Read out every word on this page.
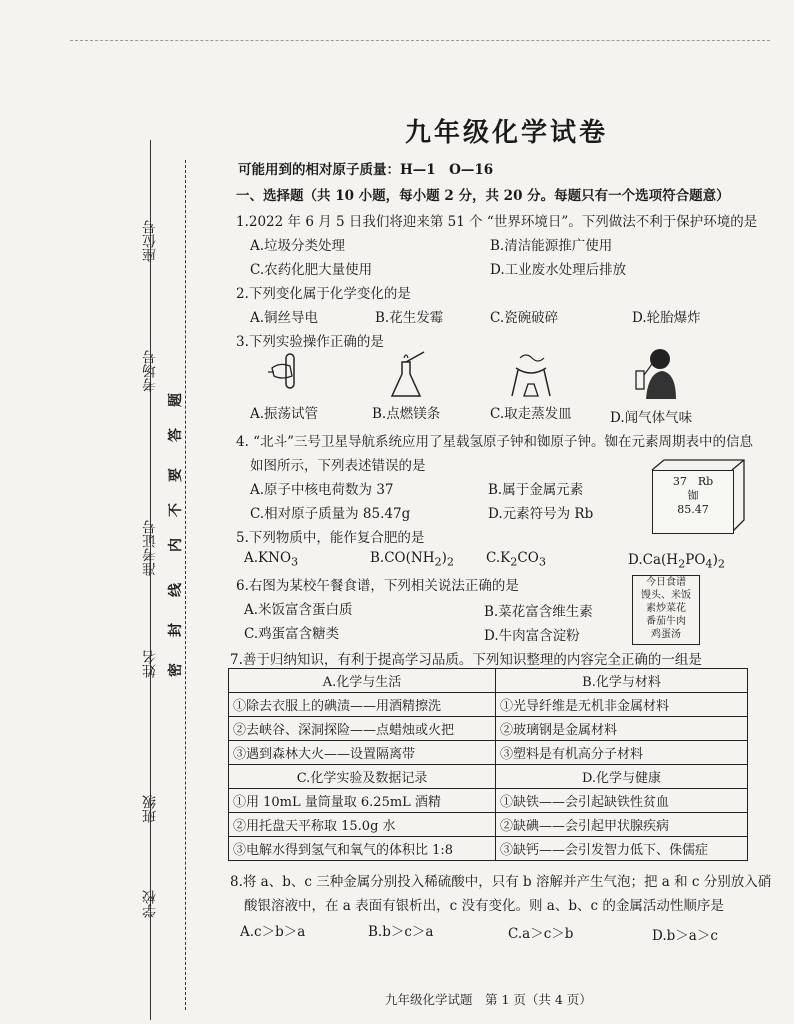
座位号
考场号
准考证号
姓名
班级
学校
题
答
要
不
内
线
封
密
九年级化学试卷
可能用到的相对原子质量：H—1　O—16
一、选择题（共 10 小题，每小题 2 分，共 20 分。每题只有一个选项符合题意）
1.2022 年 6 月 5 日我们将迎来第 51 个 “世界环境日”。下列做法不利于保护环境的是
A.垃圾分类处理	B.清洁能源推广使用
C.农药化肥大量使用	D.工业废水处理后排放
2.下列变化属于化学变化的是
A.铜丝导电	B.花生发霉	C.瓷碗破碎	D.轮胎爆炸
3.下列实验操作正确的是
A.振荡试管	B.点燃镁条	C.取走蒸发皿	D.闻气体气味
4. “北斗”三号卫星导航系统应用了星载氢原子钟和铷原子钟。铷在元素周期表中的信息
如图所示，下列表述错误的是
A.原子中核电荷数为 37	B.属于金属元素
C.相对原子质量为 85.47g	D.元素符号为 Rb
37　Rb
铷
85.47
5.下列物质中，能作复合肥的是
$A.KNO_3$	$B.CO(NH_2)_2$ $C.K_2CO_3$	$D.Ca(H_2PO_4)_2$
6.右图为某校午餐食谱，下列相关说法正确的是
A.米饭富含蛋白质	B.菜花富含维生素
C.鸡蛋富含糖类	D.牛肉富含淀粉
今日食谱
馒头、米饭
素炒菜花
番茄牛肉
鸡蛋汤
7.善于归纳知识，有利于提高学习品质。下列知识整理的内容完全正确的一组是
A.化学与生活	B.化学与材料
①除去衣服上的碘渍——用酒精擦洗	①光导纤维是无机非金属材料
②去峡谷、深洞探险——点蜡烛或火把	②玻璃钢是金属材料
③遇到森林大火——设置隔离带	③塑料是有机高分子材料
C.化学实验及数据记录	D.化学与健康
①用 10mL 量筒量取 6.25mL 酒精	①缺铁——会引起缺铁性贫血
②用托盘天平称取 15.0g 水	②缺碘——会引起甲状腺疾病
③电解水得到氢气和氧气的体积比 1:8	③缺钙——会引发智力低下、侏儒症
8.将 a、b、c 三种金属分别投入稀硫酸中，只有 b 溶解并产生气泡；把 a 和 c 分别放入硝
酸银溶液中，在 a 表面有银析出，c 没有变化。则 a、b、c 的金属活动性顺序是
A.c＞b＞a	B.b＞c＞a	C.a＞c＞b	D.b＞a＞c
九年级化学试题　第 1 页（共 4 页）
